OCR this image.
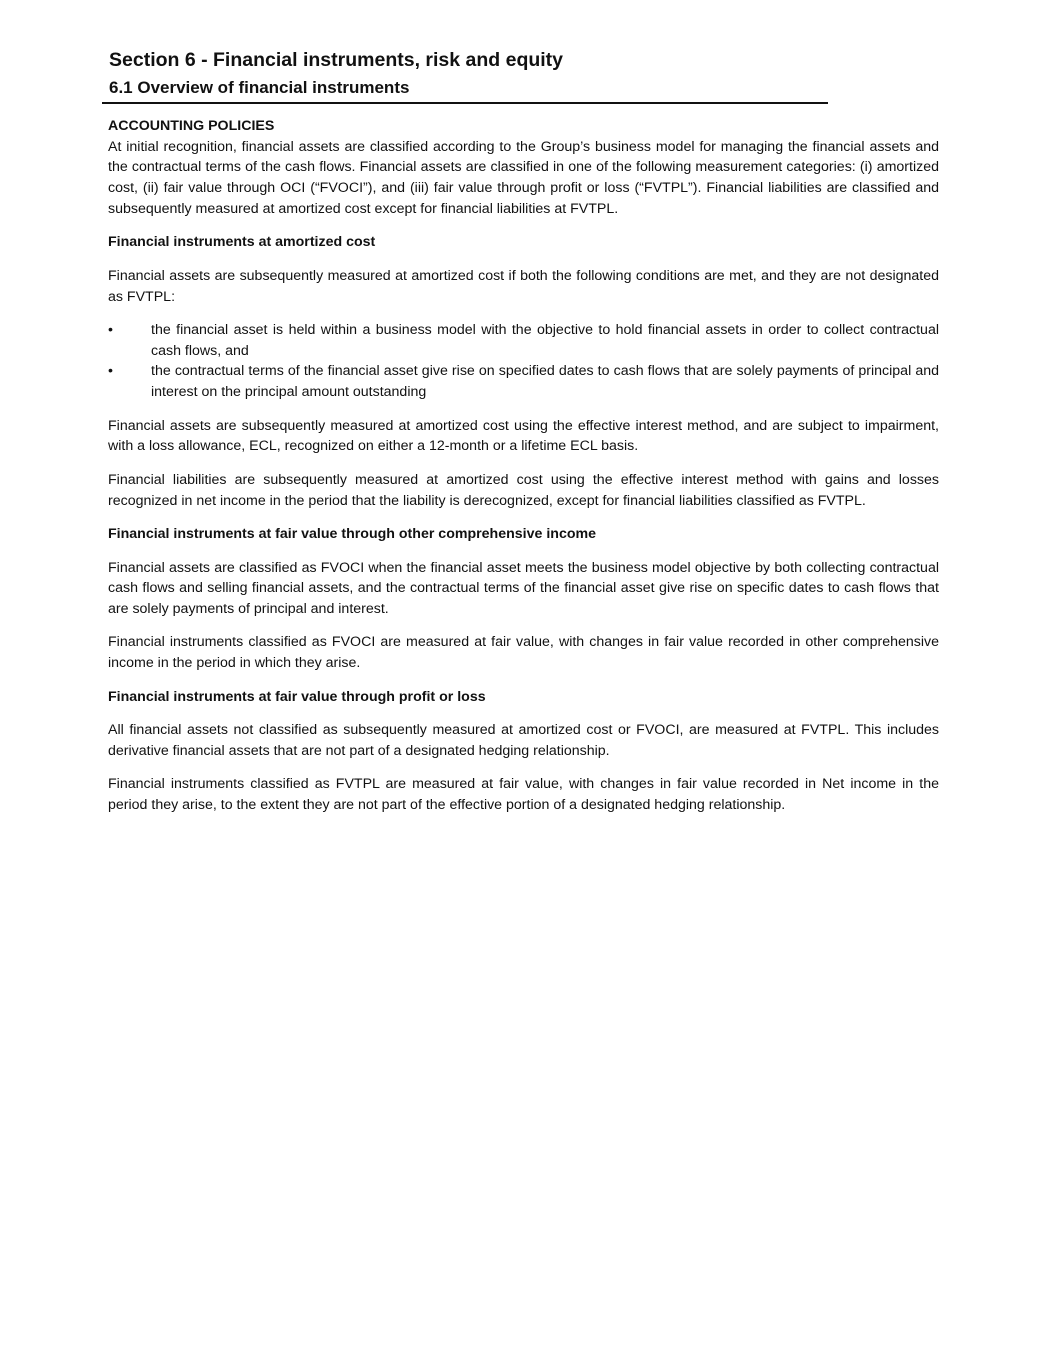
Section 6 - Financial instruments, risk and equity
6.1 Overview of financial instruments

ACCOUNTING POLICIES

At initial recognition, financial assets are classified according to the Group’s business model for managing the financial assets and the contractual terms of the cash flows. Financial assets are classified in one of the following measurement categories: (i) amortized cost, (ii) fair value through OCI (“FVOCI”), and (iii) fair value through profit or loss (“FVTPL”). Financial liabilities are classified and subsequently measured at amortized cost except for financial liabilities at FVTPL.

Financial instruments at amortized cost

Financial assets are subsequently measured at amortized cost if both the following conditions are met, and they are not designated as FVTPL:

•	the financial asset is held within a business model with the objective to hold financial assets in order to collect contractual cash flows, and
•	the contractual terms of the financial asset give rise on specified dates to cash flows that are solely payments of principal and interest on the principal amount outstanding

Financial assets are subsequently measured at amortized cost using the effective interest method, and are subject to impairment, with a loss allowance, ECL, recognized on either a 12-month or a lifetime ECL basis.

Financial liabilities are subsequently measured at amortized cost using the effective interest method with gains and losses recognized in net income in the period that the liability is derecognized, except for financial liabilities classified as FVTPL.

Financial instruments at fair value through other comprehensive income

Financial assets are classified as FVOCI when the financial asset meets the business model objective by both collecting contractual cash flows and selling financial assets, and the contractual terms of the financial asset give rise on specific dates to cash flows that are solely payments of principal and interest.

Financial instruments classified as FVOCI are measured at fair value, with changes in fair value recorded in other comprehensive income in the period in which they arise.

Financial instruments at fair value through profit or loss

All financial assets not classified as subsequently measured at amortized cost or FVOCI, are measured at FVTPL. This includes derivative financial assets that are not part of a designated hedging relationship.

Financial instruments classified as FVTPL are measured at fair value, with changes in fair value recorded in Net income in the period they arise, to the extent they are not part of the effective portion of a designated hedging relationship.
